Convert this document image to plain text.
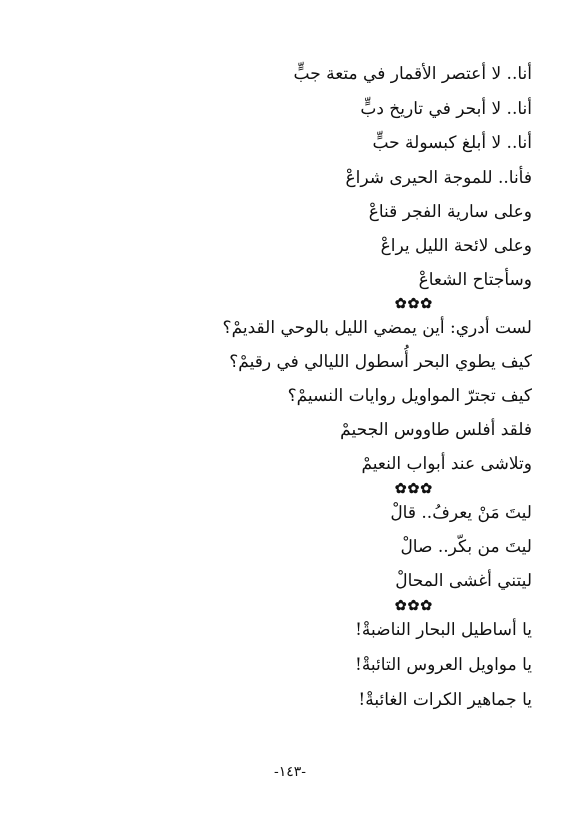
أنا.. لا أعتصر الأقمار في متعة جبٍّ
أنا.. لا أبحر في تاريخ دبٍّ
أنا.. لا أبلغ كبسولة حبٍّ
فأنا.. للموجة الحيرى شراعْ
وعلى سارية الفجر قناعْ
وعلى لائحة الليل يراعْ
وسأجتاح الشعاعْ
✿✿✿
لست أدري: أين يمضي الليل بالوحي القديمْ؟
كيف يطوي البحر أُسطول الليالي في رقيمْ؟
كيف تجترّ المواويل روايات النسيمْ؟
فلقد أفلس طاووس الجحيمْ
وتلاشى عند أبواب النعيمْ
✿✿✿
ليتَ مَنْ يعرفُ.. قالْ
ليتَ من بكّر.. صالْ
ليتني أغشى المحالْ
✿✿✿
يا أساطيل البحار الناضبةْ!
يا مواويل العروس التائبةْ!
يا جماهير الكرات الغائبةْ!
-١٤٣-
